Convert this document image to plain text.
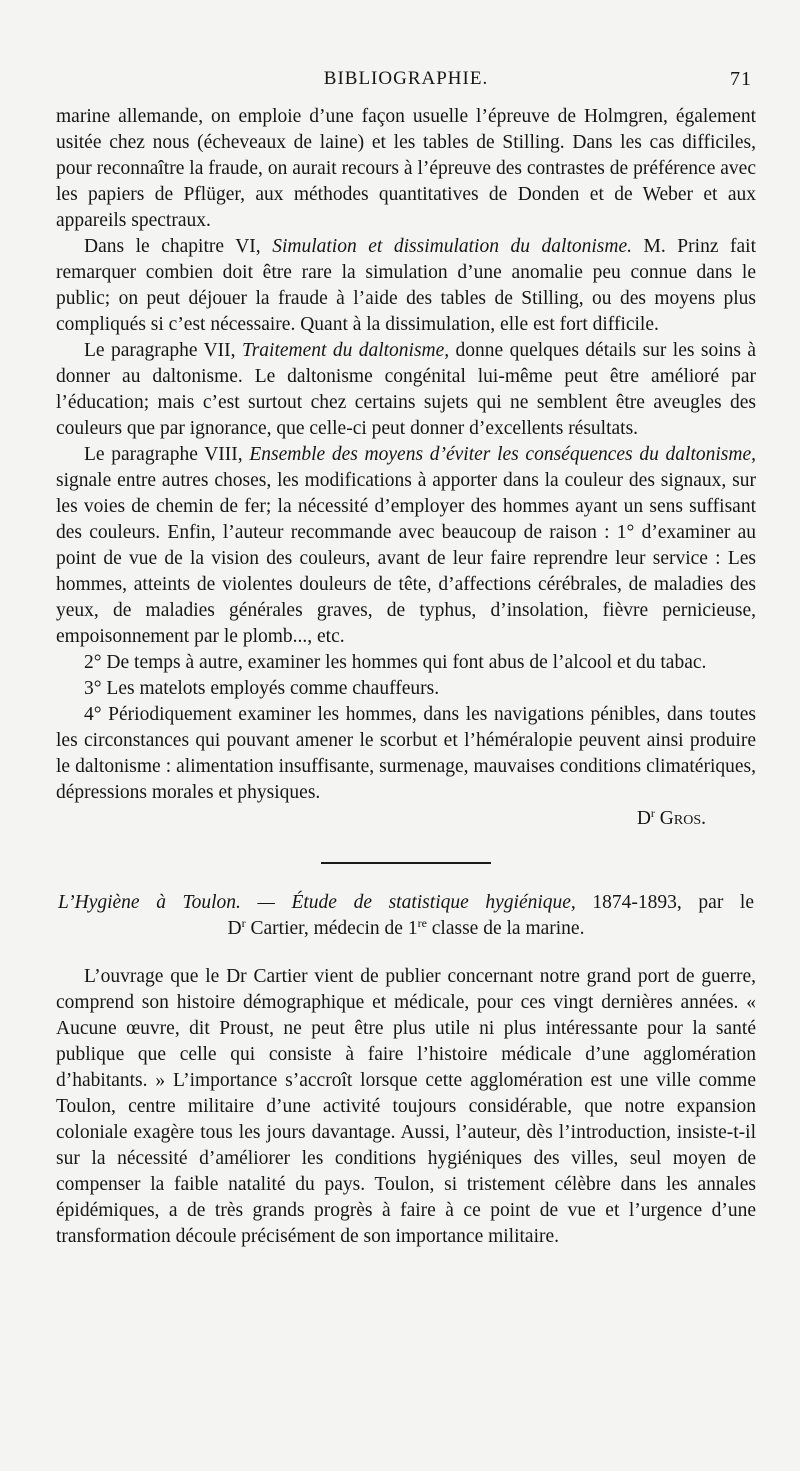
BIBLIOGRAPHIE.	71

marine allemande, on emploie d’une façon usuelle l’épreuve de Holmgren, également usitée chez nous (écheveaux de laine) et les tables de Stilling. Dans les cas difficiles, pour reconnaître la fraude, on aurait recours à l’épreuve des contrastes de préférence avec les papiers de Pflüger, aux méthodes quantitatives de Donden et de Weber et aux appareils spectraux.

Dans le chapitre VI, Simulation et dissimulation du daltonisme. M. Prinz fait remarquer combien doit être rare la simulation d’une anomalie peu connue dans le public; on peut déjouer la fraude à l’aide des tables de Stilling, ou des moyens plus compliqués si c’est nécessaire. Quant à la dissimulation, elle est fort difficile.

Le paragraphe VII, Traitement du daltonisme, donne quelques détails sur les soins à donner au daltonisme. Le daltonisme congénital lui-même peut être amélioré par l’éducation; mais c’est surtout chez certains sujets qui ne semblent être aveugles des couleurs que par ignorance, que celle-ci peut donner d’excellents résultats.

Le paragraphe VIII, Ensemble des moyens d’éviter les conséquences du daltonisme, signale entre autres choses, les modifications à apporter dans la couleur des signaux, sur les voies de chemin de fer; la nécessité d’employer des hommes ayant un sens suffisant des couleurs. Enfin, l’auteur recommande avec beaucoup de raison : 1° d’examiner au point de vue de la vision des couleurs, avant de leur faire reprendre leur service : Les hommes, atteints de violentes douleurs de tête, d’affections cérébrales, de maladies des yeux, de maladies générales graves, de typhus, d’insolation, fièvre pernicieuse, empoisonnement par le plomb..., etc.

2° De temps à autre, examiner les hommes qui font abus de l’alcool et du tabac.

3° Les matelots employés comme chauffeurs.

4° Périodiquement examiner les hommes, dans les navigations pénibles, dans toutes les circonstances qui pouvant amener le scorbut et l’héméralopie peuvent ainsi produire le daltonisme : alimentation insuffisante, surmenage, mauvaises conditions climatériques, dépressions morales et physiques.

$D^r$ Gros.
L’Hygiène à Toulon. — Étude de statistique hygiénique, 1874-1893, par le
$D^r$ Cartier, médecin de 1re classe de la marine.

L’ouvrage que le Dr Cartier vient de publier concernant notre grand port de guerre, comprend son histoire démographique et médicale, pour ces vingt dernières années. « Aucune œuvre, dit Proust, ne peut être plus utile ni plus intéressante pour la santé publique que celle qui consiste à faire l’histoire médicale d’une agglomération d’habitants. » L’importance s’accroît lorsque cette agglomération est une ville comme Toulon, centre militaire d’une activité toujours considérable, que notre expansion coloniale exagère tous les jours davantage. Aussi, l’auteur, dès l’introduction, insiste-t-il sur la nécessité d’améliorer les conditions hygiéniques des villes, seul moyen de compenser la faible natalité du pays. Toulon, si tristement célèbre dans les annales épidémiques, a de très grands progrès à faire à ce point de vue et l’urgence d’une transformation découle précisément de son importance militaire.
